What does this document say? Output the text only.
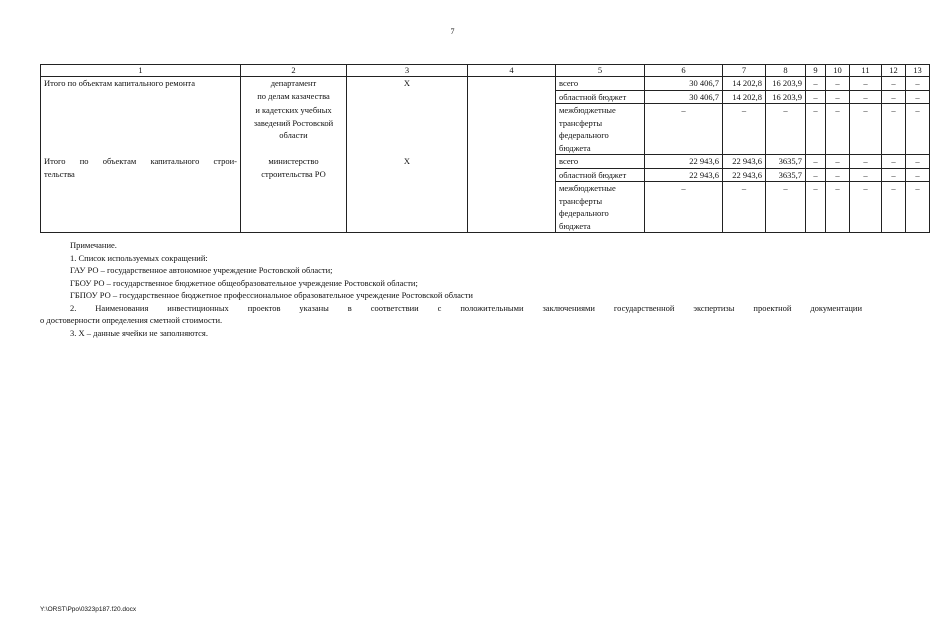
7
1	2	3	4	5	6	7	8	9	10	11	12	13
Итого по объектам капитального ремонта	департамент	Х		всего	30 406,7	14 202,8	16 203,9	–	–	–	–	–
	по делам казачества			областной бюджет	30 406,7	14 202,8	16 203,9	–	–	–	–	–
	и кадетских учебных			межбюджетные	–	–	–	–	–	–	–	–
	заведений Ростовской			трансферты								
	области			федерального								
				бюджета								
Итого по объектам капитального строи-	министерство	Х		всего	22 943,6	22 943,6	3635,7	–	–	–	–	–
тельства	строительства РО			областной бюджет	22 943,6	22 943,6	3635,7	–	–	–	–	–
				межбюджетные	–	–	–	–	–	–	–	–
				трансферты								
				федерального								
				бюджета								

Примечание.

1. Список используемых сокращений:

ГАУ РО – государственное автономное учреждение Ростовской области;

ГБОУ РО – государственное бюджетное общеобразовательное учреждение Ростовской области;

ГБПОУ РО – государственное бюджетное профессиональное образовательное учреждение Ростовской области

2. Наименования инвестиционных проектов указаны в соответствии с положительными заключениями государственной экспертизы проектной документации

о достоверности определения сметной стоимости.

3. Х – данные ячейки не заполняются.

Y:\ORST\Ppo\0323p187.f20.docx
